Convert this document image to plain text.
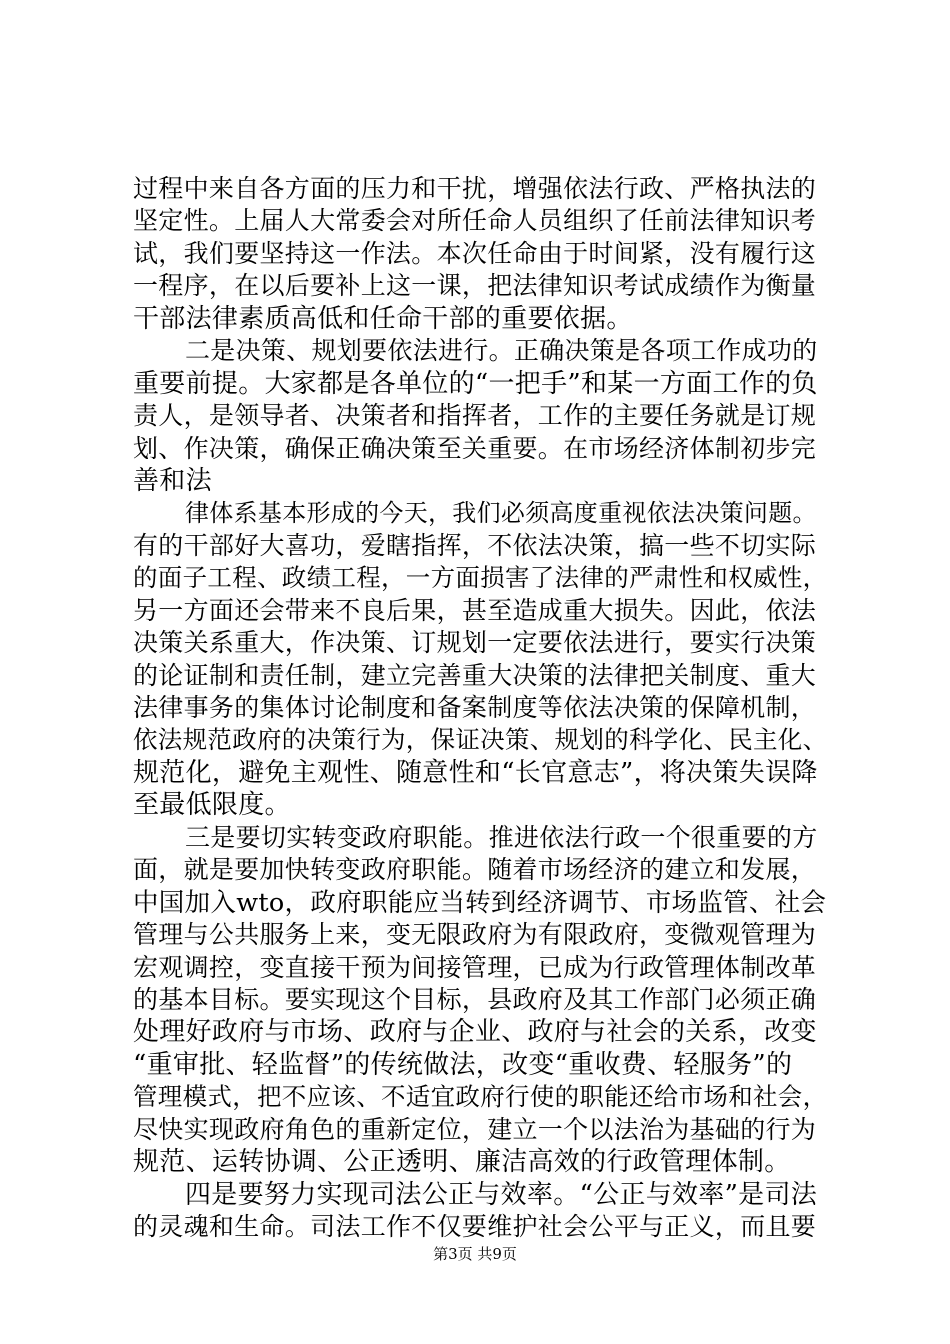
过程中来自各方面的压力和干扰，增强依法行政、严格执法的
坚定性。上届人大常委会对所任命人员组织了任前法律知识考
试，我们要坚持这一作法。本次任命由于时间紧，没有履行这
一程序，在以后要补上这一课，把法律知识考试成绩作为衡量
干部法律素质高低和任命干部的重要依据。
二是决策、规划要依法进行。正确决策是各项工作成功的
重要前提。大家都是各单位的“一把手”和某一方面工作的负
责人，是领导者、决策者和指挥者，工作的主要任务就是订规
划、作决策，确保正确决策至关重要。在市场经济体制初步完
善和法
律体系基本形成的今天，我们必须高度重视依法决策问题。
有的干部好大喜功，爱瞎指挥，不依法决策，搞一些不切实际
的面子工程、政绩工程，一方面损害了法律的严肃性和权威性，
另一方面还会带来不良后果，甚至造成重大损失。因此，依法
决策关系重大，作决策、订规划一定要依法进行，要实行决策
的论证制和责任制，建立完善重大决策的法律把关制度、重大
法律事务的集体讨论制度和备案制度等依法决策的保障机制，
依法规范政府的决策行为，保证决策、规划的科学化、民主化、
规范化，避免主观性、随意性和“长官意志”，将决策失误降
至最低限度。
三是要切实转变政府职能。推进依法行政一个很重要的方
面，就是要加快转变政府职能。随着市场经济的建立和发展，
中国加入wto，政府职能应当转到经济调节、市场监管、社会
管理与公共服务上来，变无限政府为有限政府，变微观管理为
宏观调控，变直接干预为间接管理，已成为行政管理体制改革
的基本目标。要实现这个目标，县政府及其工作部门必须正确
处理好政府与市场、政府与企业、政府与社会的关系，改变
“重审批、轻监督”的传统做法，改变“重收费、轻服务”的
管理模式，把不应该、不适宜政府行使的职能还给市场和社会，
尽快实现政府角色的重新定位，建立一个以法治为基础的行为
规范、运转协调、公正透明、廉洁高效的行政管理体制。
四是要努力实现司法公正与效率。“公正与效率”是司法
的灵魂和生命。司法工作不仅要维护社会公平与正义，而且要
第3页 共9页
